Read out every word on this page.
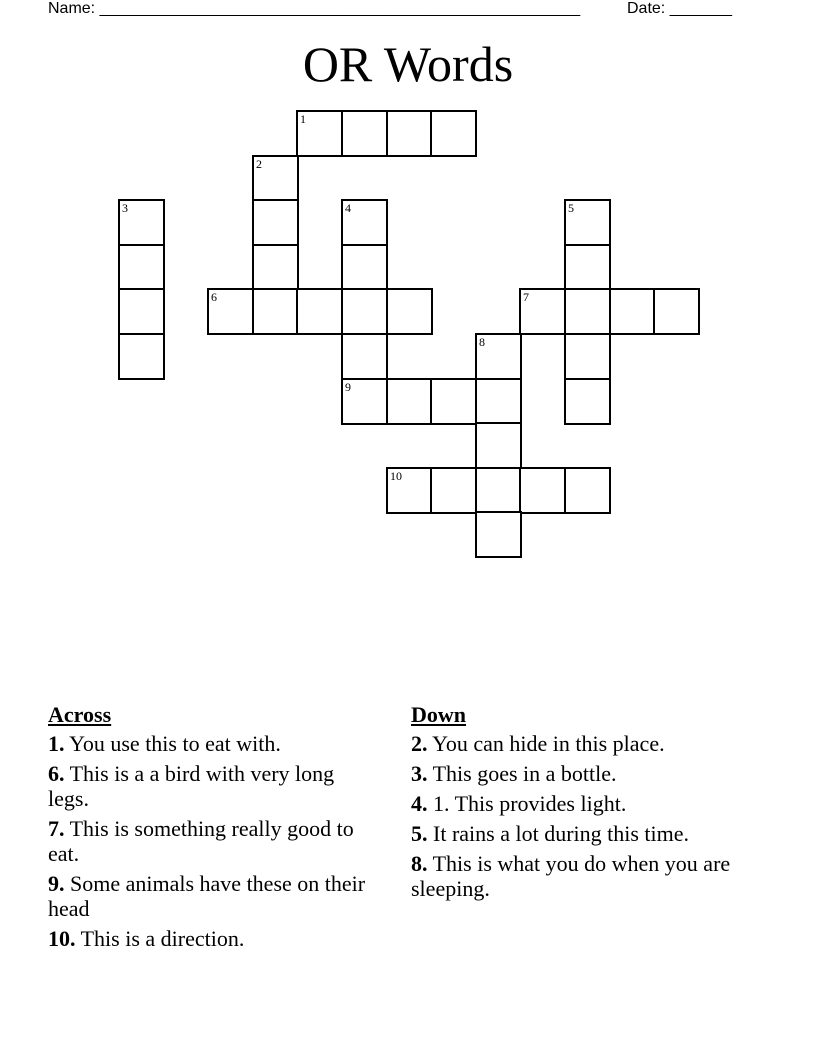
Name: ______________________________________________________	Date: _______
OR Words
1
2
3	4	5
6	7
8
9
10
Across
1. You use this to eat with.
6. This is a a bird with very long legs.
7. This is something really good to eat.
9. Some animals have these on their head
10. This is a direction.
Down
2. You can hide in this place.
3. This goes in a bottle.
4. 1. This provides light.
5. It rains a lot during this time.
8. This is what you do when you are sleeping.
